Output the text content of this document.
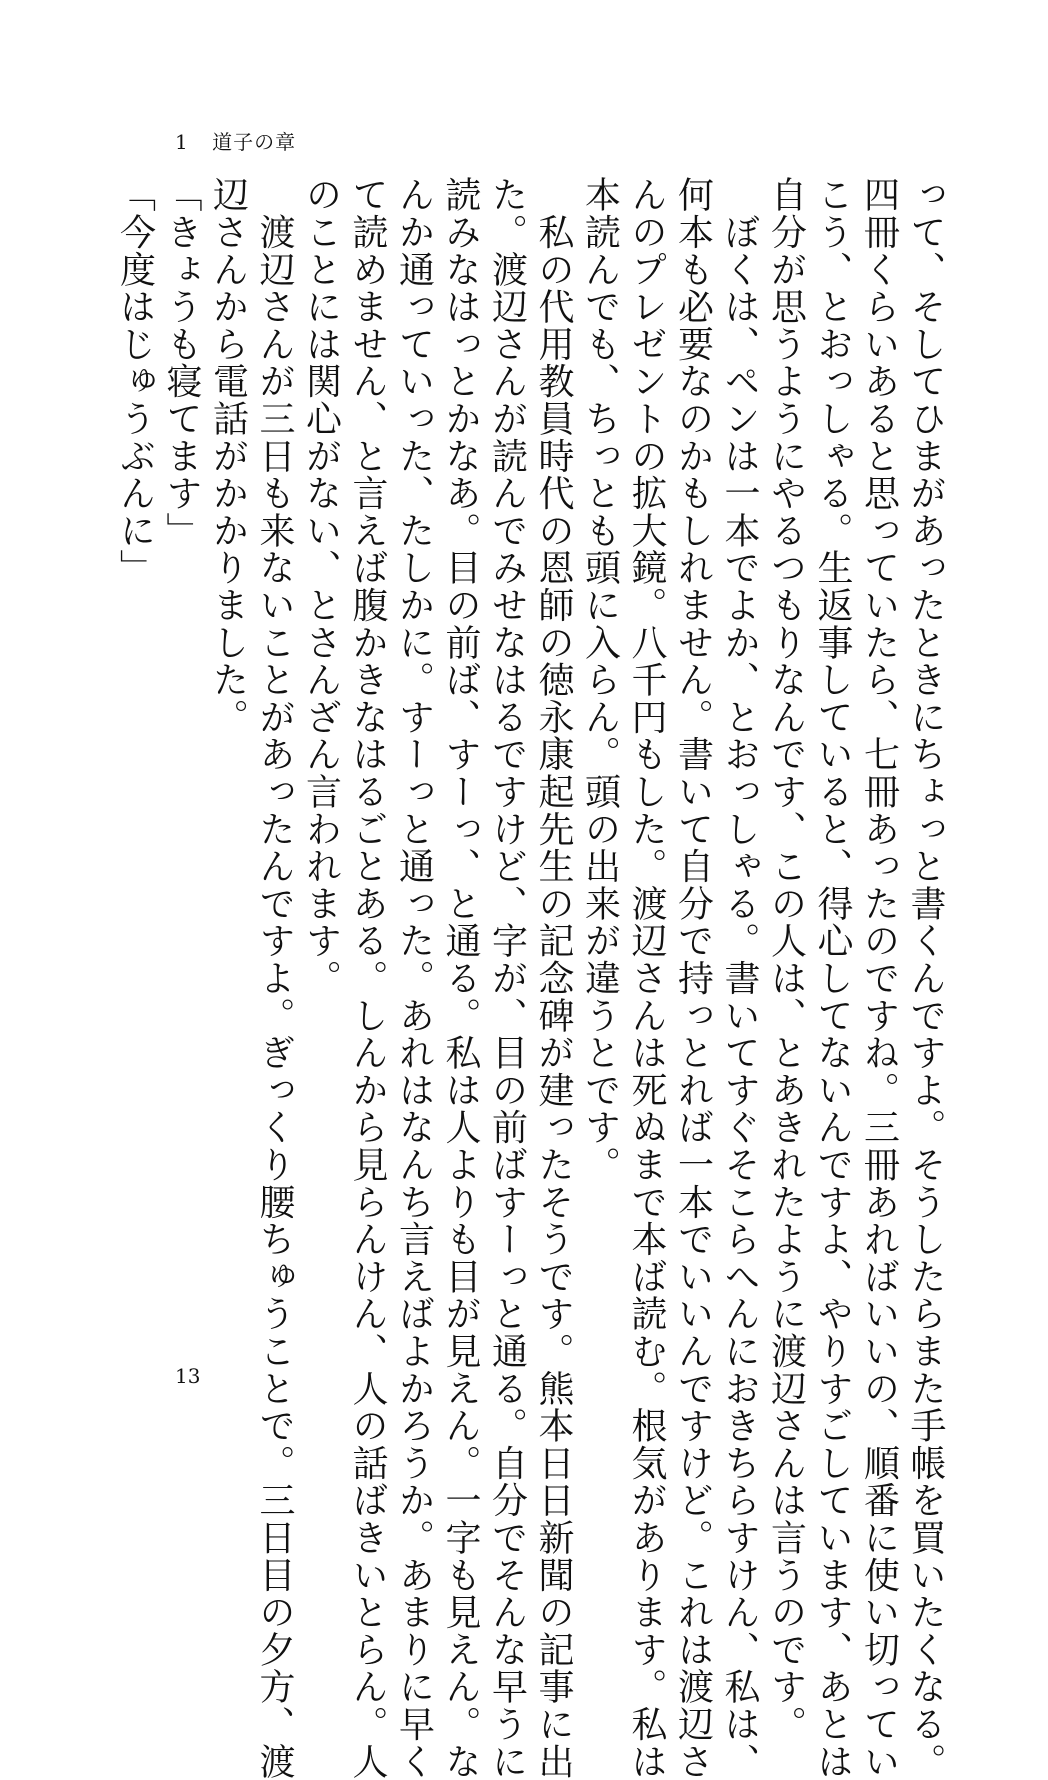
1 道子の章
って、そしてひまがあったときにちょっと書くんですよ。そうしたらまた手帳を買いたくなる。
四冊くらいあると思っていたら、七冊あったのですね。三冊あればいいの、順番に使い切ってい
こう、とおっしゃる。生返事していると、得心してないんですよ、やりすごしています、あとは
自分が思うようにやるつもりなんです、この人は、とあきれたように渡辺さんは言うのです。
　ぼくは、ペンは一本でよか、とおっしゃる。書いてすぐそこらへんにおきちらすけん、私は、
何本も必要なのかもしれません。書いて自分で持っとれば一本でいいんですけど。これは渡辺さ
んのプレゼントの拡大鏡。八千円もした。渡辺さんは死ぬまで本ば読む。根気があります。私は
本読んでも、ちっとも頭に入らん。頭の出来が違うとです。
　私の代用教員時代の恩師の徳永康起先生の記念碑が建ったそうです。熊本日日新聞の記事に出
た。渡辺さんが読んでみせなはるですけど、字が、目の前ばすーっと通る。自分でそんな早うに
読みなはっとかなあ。目の前ば、すーっ、と通る。私は人よりも目が見えん。一字も見えん。な
んか通っていった、たしかに。すーっと通った。あれはなんち言えばよかろうか。あまりに早く
て読めません、と言えば腹かきなはるごとある。しんから見らんけん、人の話ばきいとらん。人
のことには関心がない、とさんざん言われます。
　渡辺さんが三日も来ないことがあったんですよ。ぎっくり腰ちゅうことで。三日目の夕方、渡
辺さんから電話がかかりました。
「きょうも寝てます」
「今度はじゅうぶんに」
13
